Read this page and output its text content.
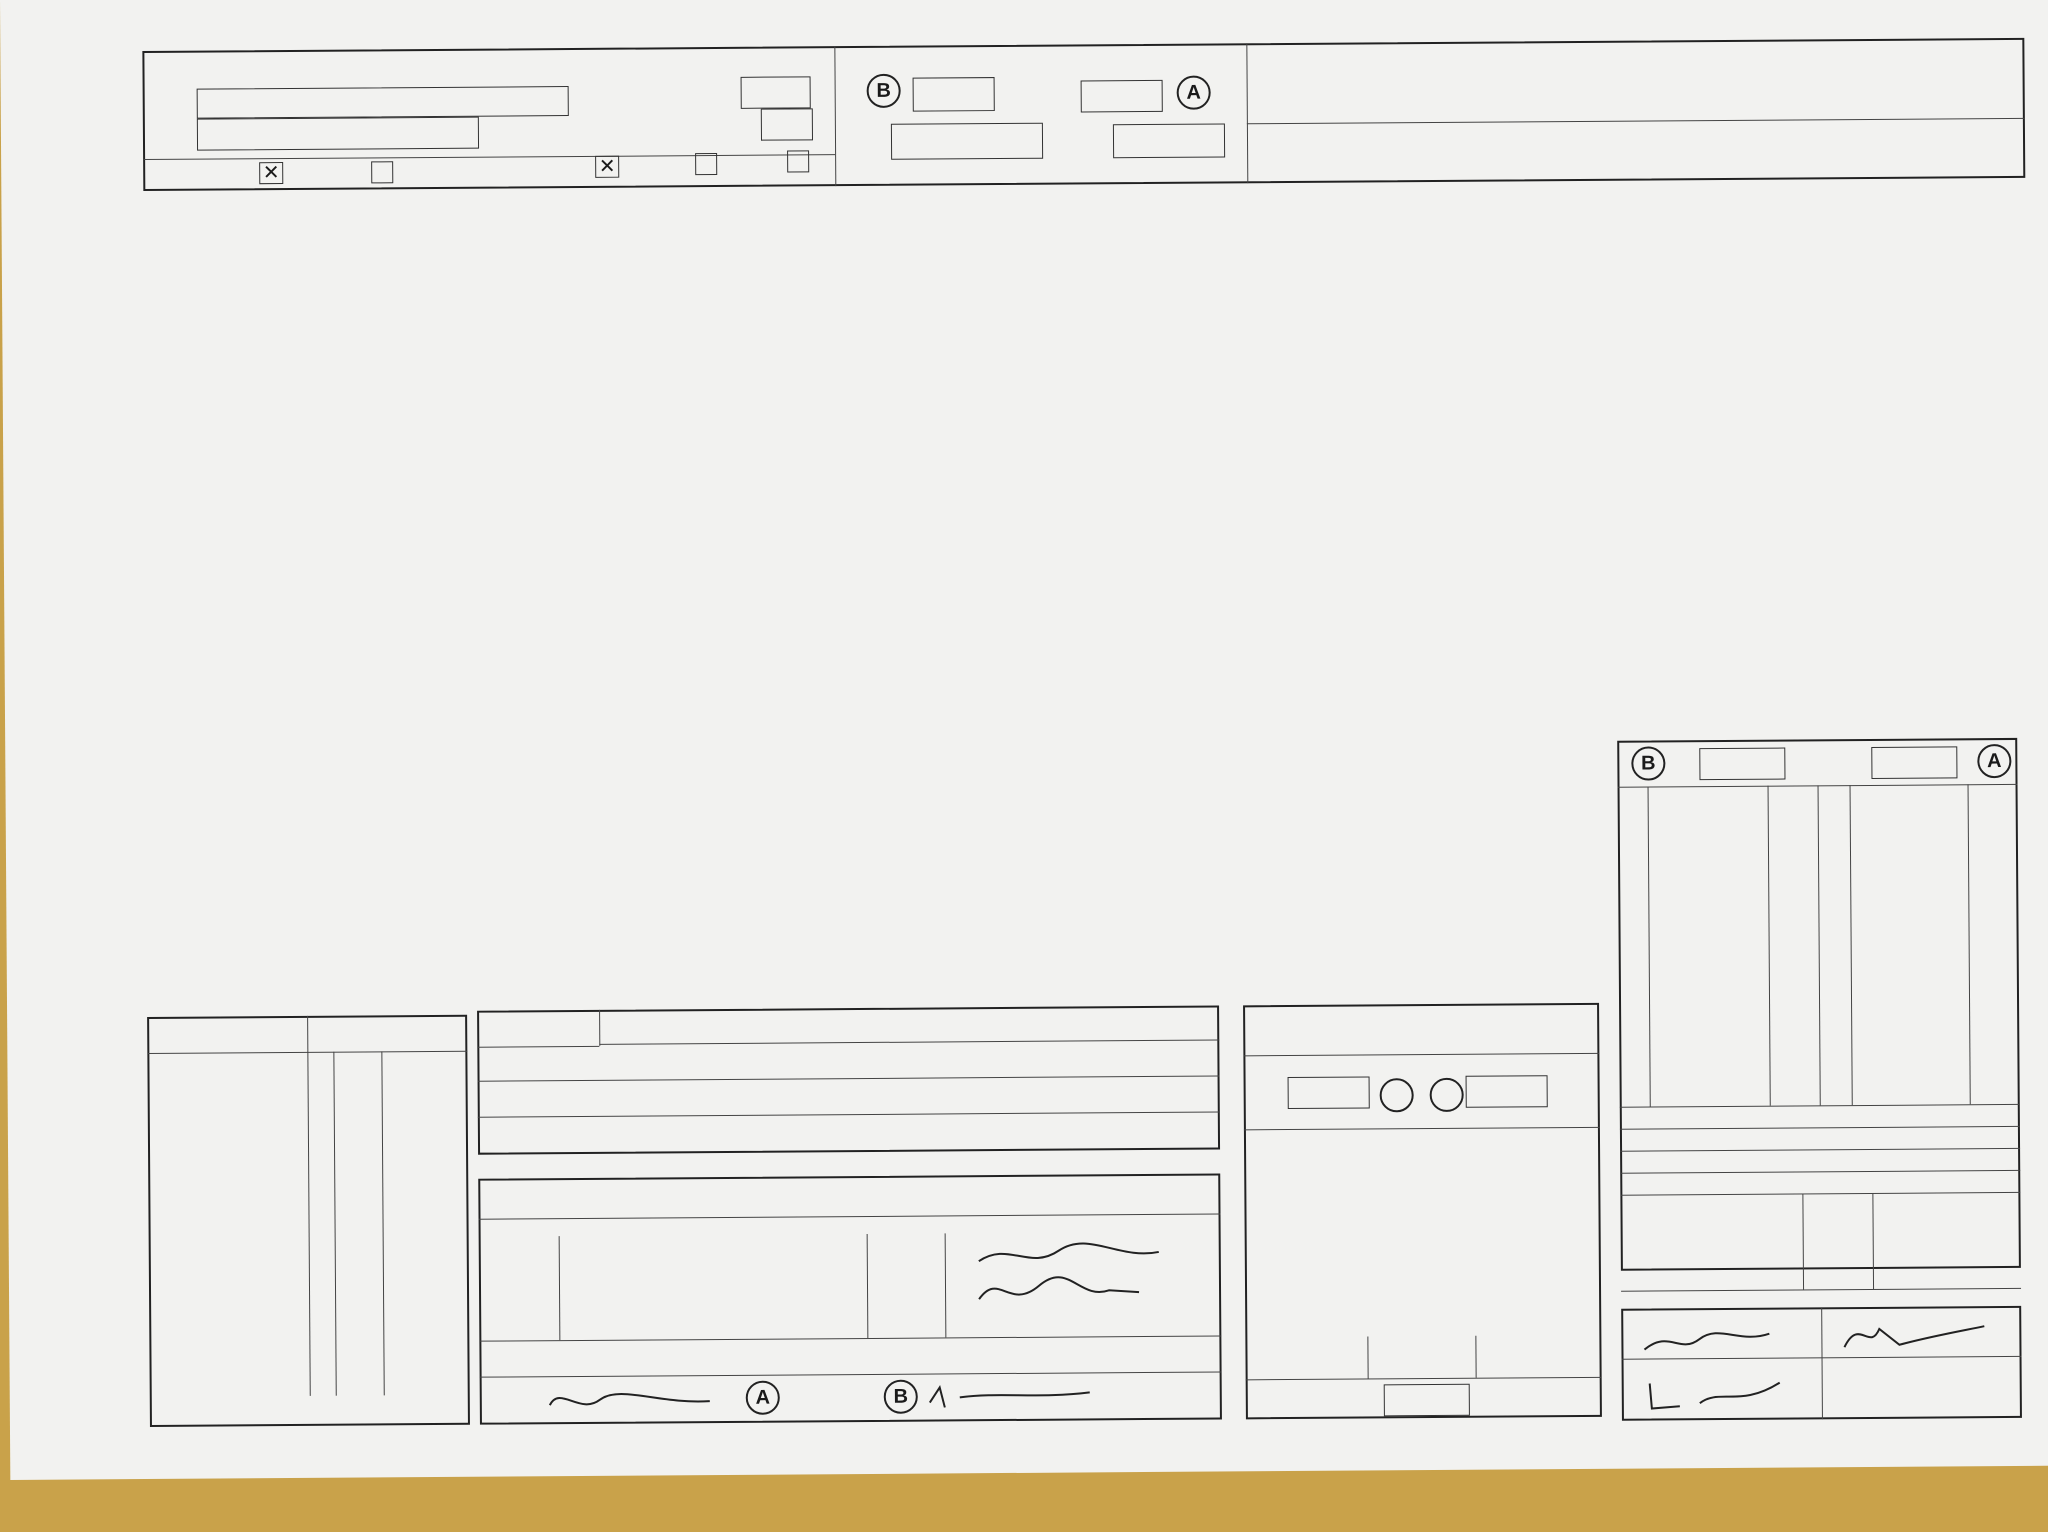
✕	✕
B	A
B	A
A	B
